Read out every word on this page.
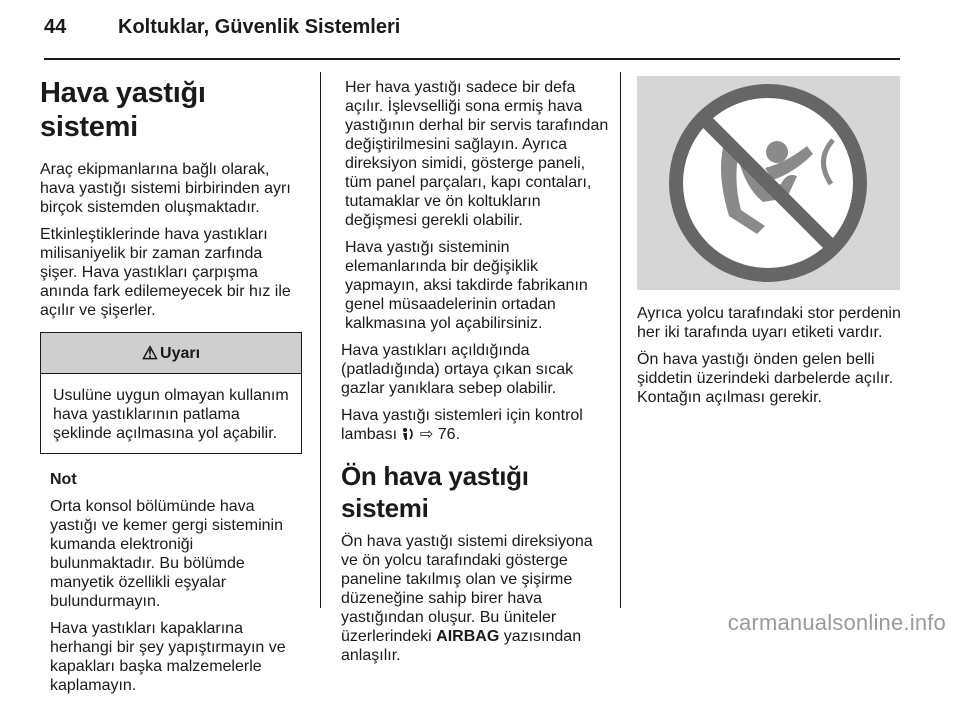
44	Koltuklar, Güvenlik Sistemleri
Hava yastığı sistemi

Araç ekipmanlarına bağlı olarak, hava yastığı sistemi birbirinden ayrı birçok sistemden oluşmaktadır.

Etkinleştiklerinde hava yastıkları milisaniyelik bir zaman zarfında şişer. Hava yastıkları çarpışma anında fark edilemeyecek bir hız ile açılır ve şişerler.

⚠ Uyarı
Usulüne uygun olmayan kullanım hava yastıklarının patlama şeklinde açılmasına yol açabilir.

Not

Orta konsol bölümünde hava yastığı ve kemer gergi sisteminin kumanda elektroniği bulunmaktadır. Bu bölümde manyetik özellikli eşyalar bulundurmayın.

Hava yastıkları kapaklarına herhangi bir şey yapıştırmayın ve kapakları başka malzemelerle kaplamayın.

Her hava yastığı sadece bir defa açılır. İşlevselliği sona ermiş hava yastığının derhal bir servis tarafından değiştirilmesini sağlayın. Ayrıca direksiyon simidi, gösterge paneli, tüm panel parçaları, kapı contaları, tutamaklar ve ön koltukların değişmesi gerekli olabilir.

Hava yastığı sisteminin elemanlarında bir değişiklik yapmayın, aksi takdirde fabrikanın genel müsaadelerinin ortadan kalkmasına yol açabilirsiniz.

Hava yastıkları açıldığında (patladığında) ortaya çıkan sıcak gazlar yanıklara sebep olabilir.

Hava yastığı sistemleri için kontrol lambası  ⇨ 76.

Ön hava yastığı sistemi

Ön hava yastığı sistemi direksiyona ve ön yolcu tarafındaki gösterge paneline takılmış olan ve şişirme düzeneğine sahip birer hava yastığından oluşur. Bu üniteler üzerlerindeki AIRBAG yazısından anlaşılır.

Ayrıca yolcu tarafındaki stor perdenin her iki tarafında uyarı etiketi vardır.

Ön hava yastığı önden gelen belli şiddetin üzerindeki darbelerde açılır. Kontağın açılması gerekir.

carmanualsonline.info
